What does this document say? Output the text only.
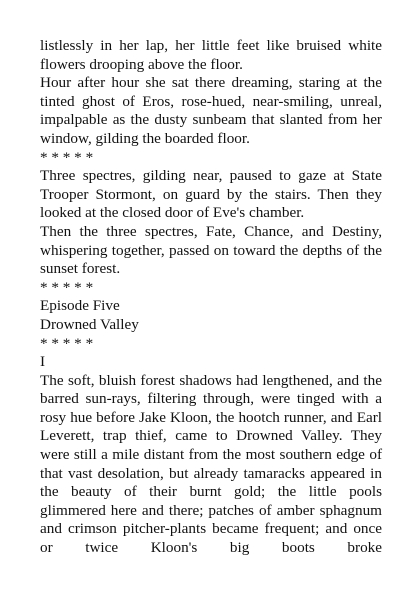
listlessly in her lap, her little feet like bruised white flowers drooping above the floor.

Hour after hour she sat there dreaming, staring at the tinted ghost of Eros, rose-hued, near-smiling, unreal, impalpable as the dusty sunbeam that slanted from her window, gilding the boarded floor.

* * * * *

Three spectres, gilding near, paused to gaze at State Trooper Stormont, on guard by the stairs. Then they looked at the closed door of Eve's chamber.

Then the three spectres, Fate, Chance, and Destiny, whispering together, passed on toward the depths of the sunset forest.

* * * * *

Episode Five

Drowned Valley

* * * * *

I

The soft, bluish forest shadows had lengthened, and the barred sun-rays, filtering through, were tinged with a rosy hue before Jake Kloon, the hootch runner, and Earl Leverett, trap thief, came to Drowned Valley. They were still a mile distant from the most southern edge of that vast desolation, but already tamaracks appeared in the beauty of their burnt gold; the little pools glimmered here and there; patches of amber sphagnum and crimson pitcher-plants became frequent; and once or twice Kloon's big boots broke
